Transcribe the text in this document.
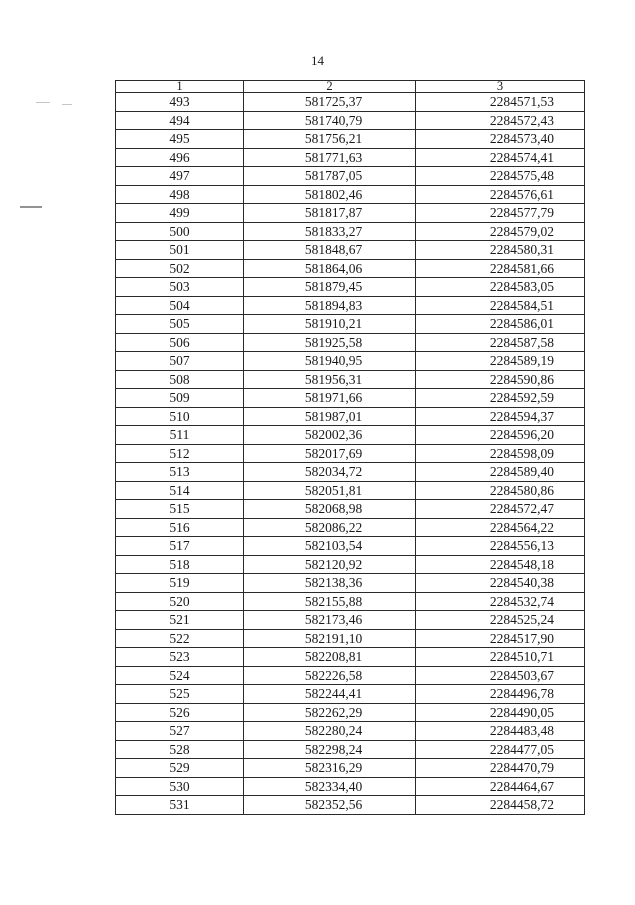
14
1	2	3
493	581725,37	2284571,53
494	581740,79	2284572,43
495	581756,21	2284573,40
496	581771,63	2284574,41
497	581787,05	2284575,48
498	581802,46	2284576,61
499	581817,87	2284577,79
500	581833,27	2284579,02
501	581848,67	2284580,31
502	581864,06	2284581,66
503	581879,45	2284583,05
504	581894,83	2284584,51
505	581910,21	2284586,01
506	581925,58	2284587,58
507	581940,95	2284589,19
508	581956,31	2284590,86
509	581971,66	2284592,59
510	581987,01	2284594,37
511	582002,36	2284596,20
512	582017,69	2284598,09
513	582034,72	2284589,40
514	582051,81	2284580,86
515	582068,98	2284572,47
516	582086,22	2284564,22
517	582103,54	2284556,13
518	582120,92	2284548,18
519	582138,36	2284540,38
520	582155,88	2284532,74
521	582173,46	2284525,24
522	582191,10	2284517,90
523	582208,81	2284510,71
524	582226,58	2284503,67
525	582244,41	2284496,78
526	582262,29	2284490,05
527	582280,24	2284483,48
528	582298,24	2284477,05
529	582316,29	2284470,79
530	582334,40	2284464,67
531	582352,56	2284458,72
